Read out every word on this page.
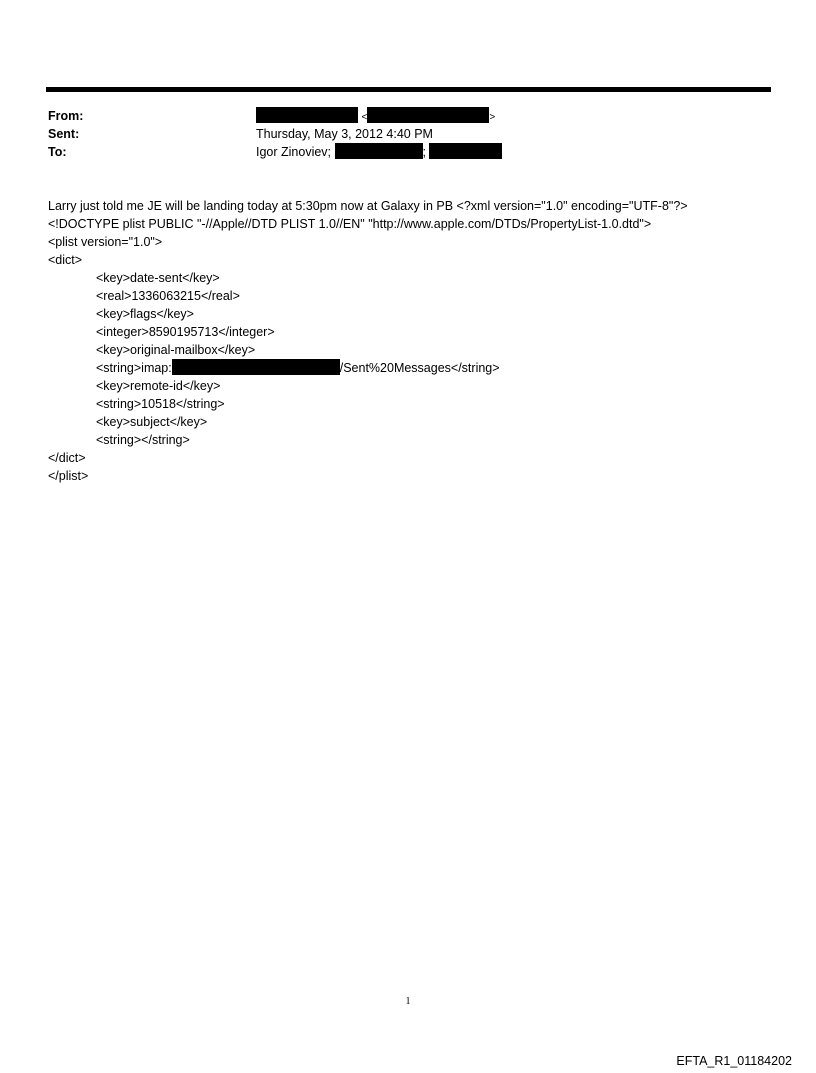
From:	<	>
Sent:	Thursday, May 3, 2012 4:40 PM
To:	Igor Zinoviev;	;
Larry just told me JE will be landing today at 5:30pm now at Galaxy in PB <?xml version="1.0" encoding="UTF-8"?>
<!DOCTYPE plist PUBLIC "-//Apple//DTD PLIST 1.0//EN" "http://www.apple.com/DTDs/PropertyList-1.0.dtd">
<plist version="1.0">
<dict>
<key>date-sent</key>
<real>1336063215</real>
<key>flags</key>
<integer>8590195713</integer>
<key>original-mailbox</key>
<string>imap:	/Sent%20Messages</string>
<key>remote-id</key>
<string>10518</string>
<key>subject</key>
<string></string>
</dict>
</plist>
1
EFTA_R1_01184202
